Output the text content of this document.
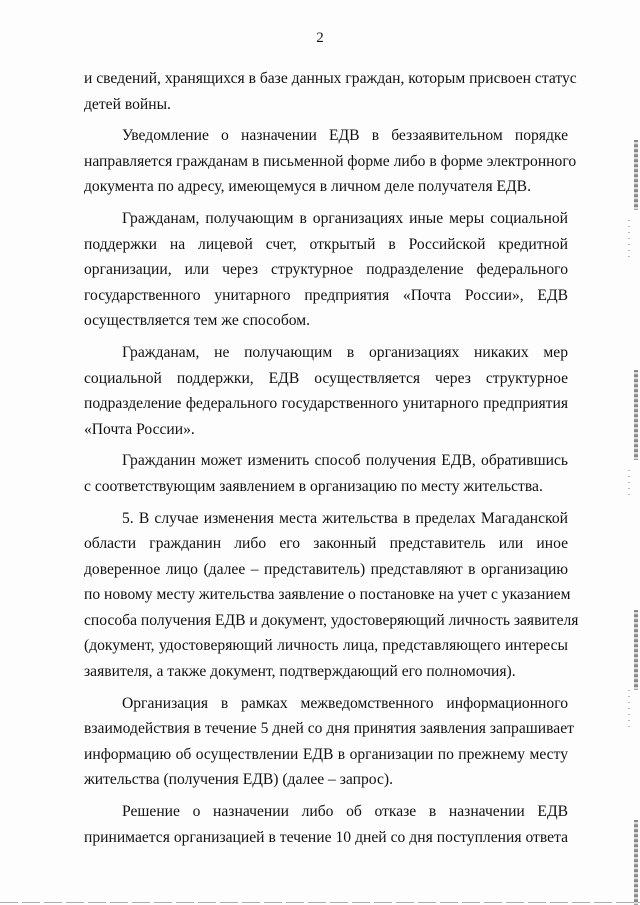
2
и сведений, хранящихся в базе данных граждан, которым присвоен статус
детей войны.
Уведомление о назначении ЕДВ в беззаявительном порядке
направляется гражданам в письменной форме либо в форме электронного
документа по адресу, имеющемуся в личном деле получателя ЕДВ.
Гражданам, получающим в организациях иные меры социальной
поддержки на лицевой счет, открытый в Российской кредитной
организации, или через структурное подразделение федерального
государственного унитарного предприятия «Почта России», ЕДВ
осуществляется тем же способом.
Гражданам, не получающим в организациях никаких мер
социальной поддержки, ЕДВ осуществляется через структурное
подразделение федерального государственного унитарного предприятия
«Почта России».
Гражданин может изменить способ получения ЕДВ, обратившись
с соответствующим заявлением в организацию по месту жительства.
5. В случае изменения места жительства в пределах Магаданской
области гражданин либо его законный представитель или иное
доверенное лицо (далее – представитель) представляют в организацию
по новому месту жительства заявление о постановке на учет с указанием
способа получения ЕДВ и документ, удостоверяющий личность заявителя
(документ, удостоверяющий личность лица, представляющего интересы
заявителя, а также документ, подтверждающий его полномочия).
Организация в рамках межведомственного информационного
взаимодействия в течение 5 дней со дня принятия заявления запрашивает
информацию об осуществлении ЕДВ в организации по прежнему месту
жительства (получения ЕДВ) (далее – запрос).
Решение о назначении либо об отказе в назначении ЕДВ
принимается организацией в течение 10 дней со дня поступления ответа
